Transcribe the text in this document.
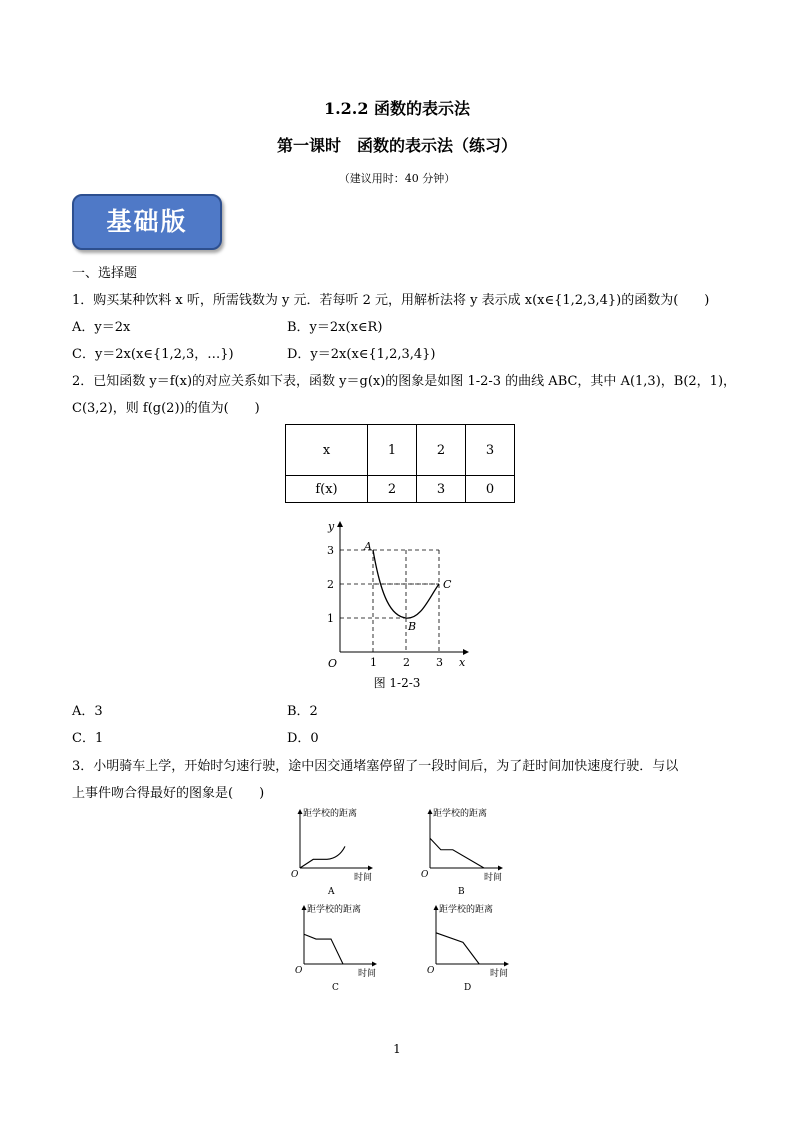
1.2.2 函数的表示法
第一课时　函数的表示法（练习）
（建议用时：40 分钟）
基础版
一、选择题
1．购买某种饮料 x 听，所需钱数为 y 元．若每听 2 元，用解析法将 y 表示成 x(x∈{1,2,3,4})的函数为(　　)
A．y＝2x	B．y＝2x(x∈R)
C．y＝2x(x∈{1,2,3，…})	D．y＝2x(x∈{1,2,3,4})
2．已知函数 y＝f(x)的对应关系如下表，函数 y＝g(x)的图象是如图 1-2-3 的曲线 ABC，其中 A(1,3)，B(2，1)，
C(3,2)，则 f(g(2))的值为(　　)
x	1	2	3
f(x)	2	3	0
1 2 3
1
2
3
O	x
y
A
B
C
图 1-2-3
A．3	B．2
C．1	D．0
3．小明骑车上学，开始时匀速行驶，途中因交通堵塞停留了一段时间后，为了赶时间加快速度行驶．与以
上事件吻合得最好的图象是(　　)
距学校的距离
时间
O
A
距学校的距离
时间
O
B
距学校的距离
时间
O
C
距学校的距离
时间
O
D
1
